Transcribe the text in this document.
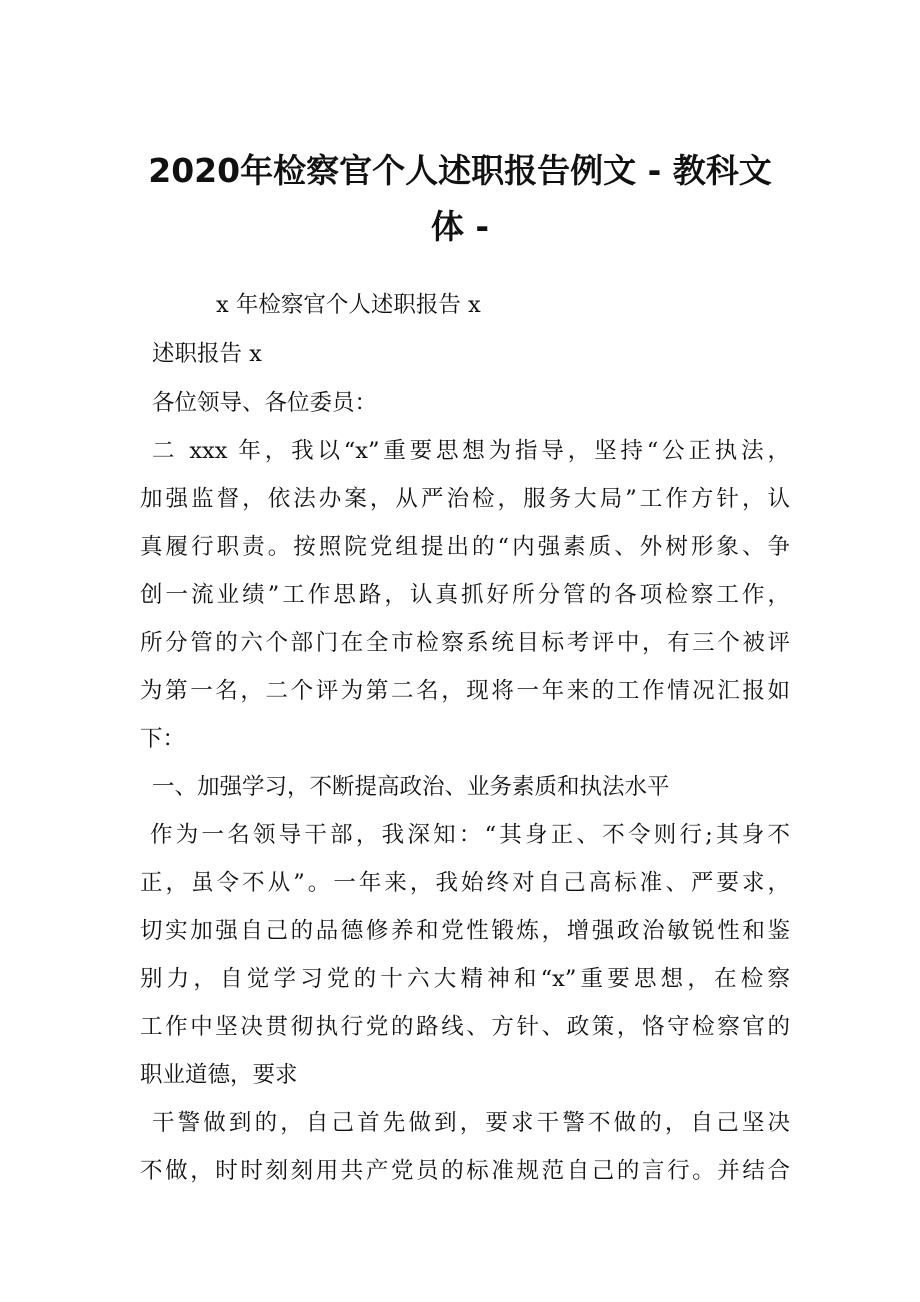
2020年检察官个人述职报告例文 - 教科文
体 -
x 年检察官个人述职报告 x
述职报告 x
各位领导、各位委员：
二 xxx 年，我以“x”重要思想为指导，坚持“公正执法，
加强监督，依法办案，从严治检，服务大局”工作方针，认
真履行职责。按照院党组提出的“内强素质、外树形象、争
创一流业绩”工作思路，认真抓好所分管的各项检察工作，
所分管的六个部门在全市检察系统目标考评中，有三个被评
为第一名，二个评为第二名，现将一年来的工作情况汇报如
下：
一、加强学习，不断提高政治、业务素质和执法水平
作为一名领导干部，我深知：“其身正、不令则行;其身不
正，虽令不从”。一年来，我始终对自己高标准、严要求，
切实加强自己的品德修养和党性锻炼，增强政治敏锐性和鉴
别力，自觉学习党的十六大精神和“x”重要思想，在检察
工作中坚决贯彻执行党的路线、方针、政策，恪守检察官的
职业道德，要求
干警做到的，自己首先做到，要求干警不做的，自己坚决
不做，时时刻刻用共产党员的标准规范自己的言行。并结合
